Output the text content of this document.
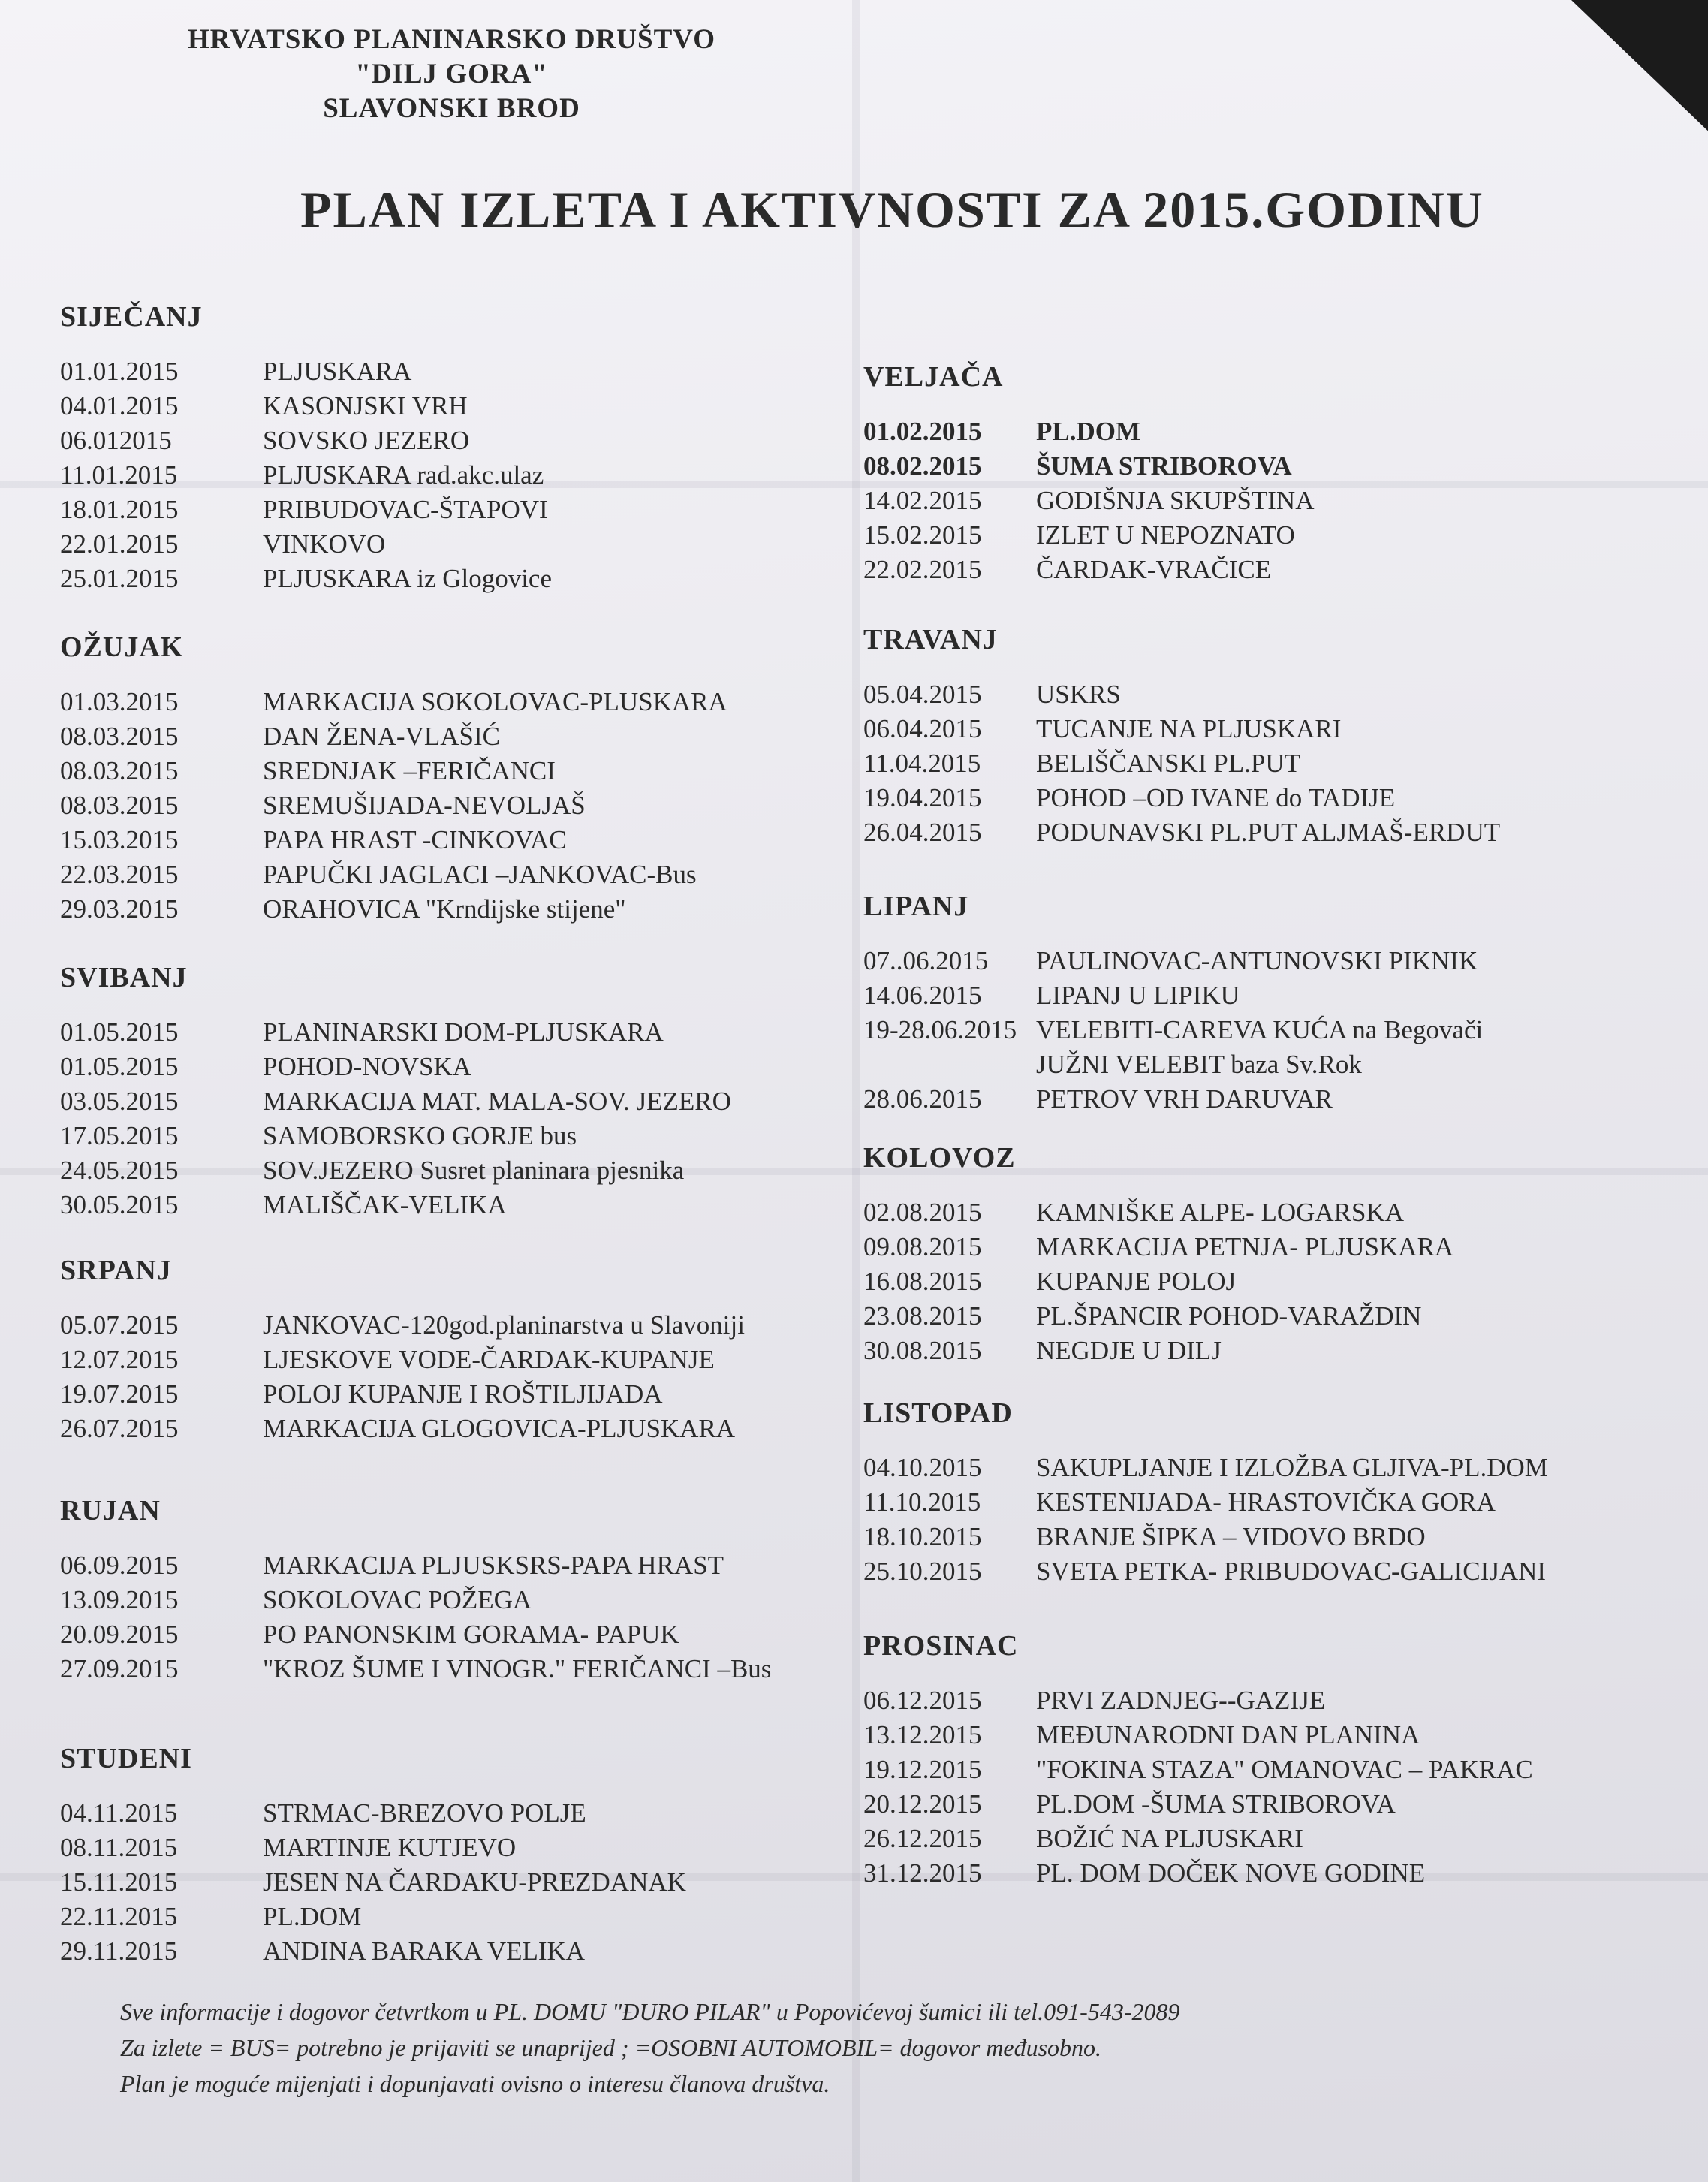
HRVATSKO PLANINARSKO DRUŠTVO
"DILJ GORA"
SLAVONSKI BROD
PLAN IZLETA I AKTIVNOSTI ZA 2015.GODINU
SIJEČANJ
01.01.2015	PLJUSKARA
04.01.2015	KASONJSKI VRH
06.012015	SOVSKO JEZERO
11.01.2015	PLJUSKARA rad.akc.ulaz
18.01.2015	PRIBUDOVAC-ŠTAPOVI
22.01.2015	VINKOVO
25.01.2015	PLJUSKARA iz Glogovice
OŽUJAK
01.03.2015	MARKACIJA SOKOLOVAC-PLUSKARA
08.03.2015	DAN ŽENA-VLAŠIĆ
08.03.2015	SREDNJAK –FERIČANCI
08.03.2015	SREMUŠIJADA-NEVOLJAŠ
15.03.2015	PAPA HRAST -CINKOVAC
22.03.2015	PAPUČKI JAGLACI –JANKOVAC-Bus
29.03.2015	ORAHOVICA "Krndijske stijene"
SVIBANJ
01.05.2015	PLANINARSKI DOM-PLJUSKARA
01.05.2015	POHOD-NOVSKA
03.05.2015	MARKACIJA MAT. MALA-SOV. JEZERO
17.05.2015	SAMOBORSKO GORJE bus
24.05.2015	SOV.JEZERO Susret planinara pjesnika
30.05.2015	MALIŠČAK-VELIKA
SRPANJ
05.07.2015	JANKOVAC-120god.planinarstva u Slavoniji
12.07.2015	LJESKOVE VODE-ČARDAK-KUPANJE
19.07.2015	POLOJ KUPANJE I ROŠTILJIJADA
26.07.2015	MARKACIJA GLOGOVICA-PLJUSKARA
RUJAN
06.09.2015	MARKACIJA PLJUSKSRS-PAPA HRAST
13.09.2015	SOKOLOVAC POŽEGA
20.09.2015	PO PANONSKIM GORAMA- PAPUK
27.09.2015	"KROZ ŠUME I VINOGR." FERIČANCI –Bus
STUDENI
04.11.2015	STRMAC-BREZOVO POLJE
08.11.2015	MARTINJE KUTJEVO
15.11.2015	JESEN NA ČARDAKU-PREZDANAK
22.11.2015	PL.DOM
29.11.2015	ANDINA BARAKA VELIKA
VELJAČA
01.02.2015	PL.DOM
08.02.2015	ŠUMA STRIBOROVA
14.02.2015	GODIŠNJA SKUPŠTINA
15.02.2015	IZLET U NEPOZNATO
22.02.2015	ČARDAK-VRAČICE
TRAVANJ
05.04.2015	USKRS
06.04.2015	TUCANJE NA PLJUSKARI
11.04.2015	BELIŠČANSKI PL.PUT
19.04.2015	POHOD –OD IVANE do TADIJE
26.04.2015	PODUNAVSKI PL.PUT ALJMAŠ-ERDUT
LIPANJ
07..06.2015	PAULINOVAC-ANTUNOVSKI PIKNIK
14.06.2015	LIPANJ U LIPIKU
19-28.06.2015 VELEBITI-CAREVA KUĆA na Begovači
JUŽNI VELEBIT baza Sv.Rok
28.06.2015	PETROV VRH DARUVAR
KOLOVOZ
02.08.2015	KAMNIŠKE ALPE- LOGARSKA
09.08.2015	MARKACIJA PETNJA- PLJUSKARA
16.08.2015	KUPANJE POLOJ
23.08.2015	PL.ŠPANCIR POHOD-VARAŽDIN
30.08.2015	NEGDJE U DILJ
LISTOPAD
04.10.2015	SAKUPLJANJE I IZLOŽBA GLJIVA-PL.DOM
11.10.2015	KESTENIJADA- HRASTOVIČKA GORA
18.10.2015	BRANJE ŠIPKA – VIDOVO BRDO
25.10.2015	SVETA PETKA- PRIBUDOVAC-GALICIJANI
PROSINAC
06.12.2015	PRVI ZADNJEG--GAZIJE
13.12.2015	MEĐUNARODNI DAN PLANINA
19.12.2015	"FOKINA STAZA" OMANOVAC – PAKRAC
20.12.2015	PL.DOM -ŠUMA STRIBOROVA
26.12.2015	BOŽIĆ NA PLJUSKARI
31.12.2015	PL. DOM DOČEK NOVE GODINE
Sve informacije i dogovor četvrtkom u PL. DOMU "ĐURO PILAR" u Popovićevoj šumici ili tel.091-543-2089
Za izlete = BUS= potrebno je prijaviti se unaprijed ; =OSOBNI AUTOMOBIL= dogovor međusobno.
Plan je moguće mijenjati i dopunjavati ovisno o interesu članova društva.
